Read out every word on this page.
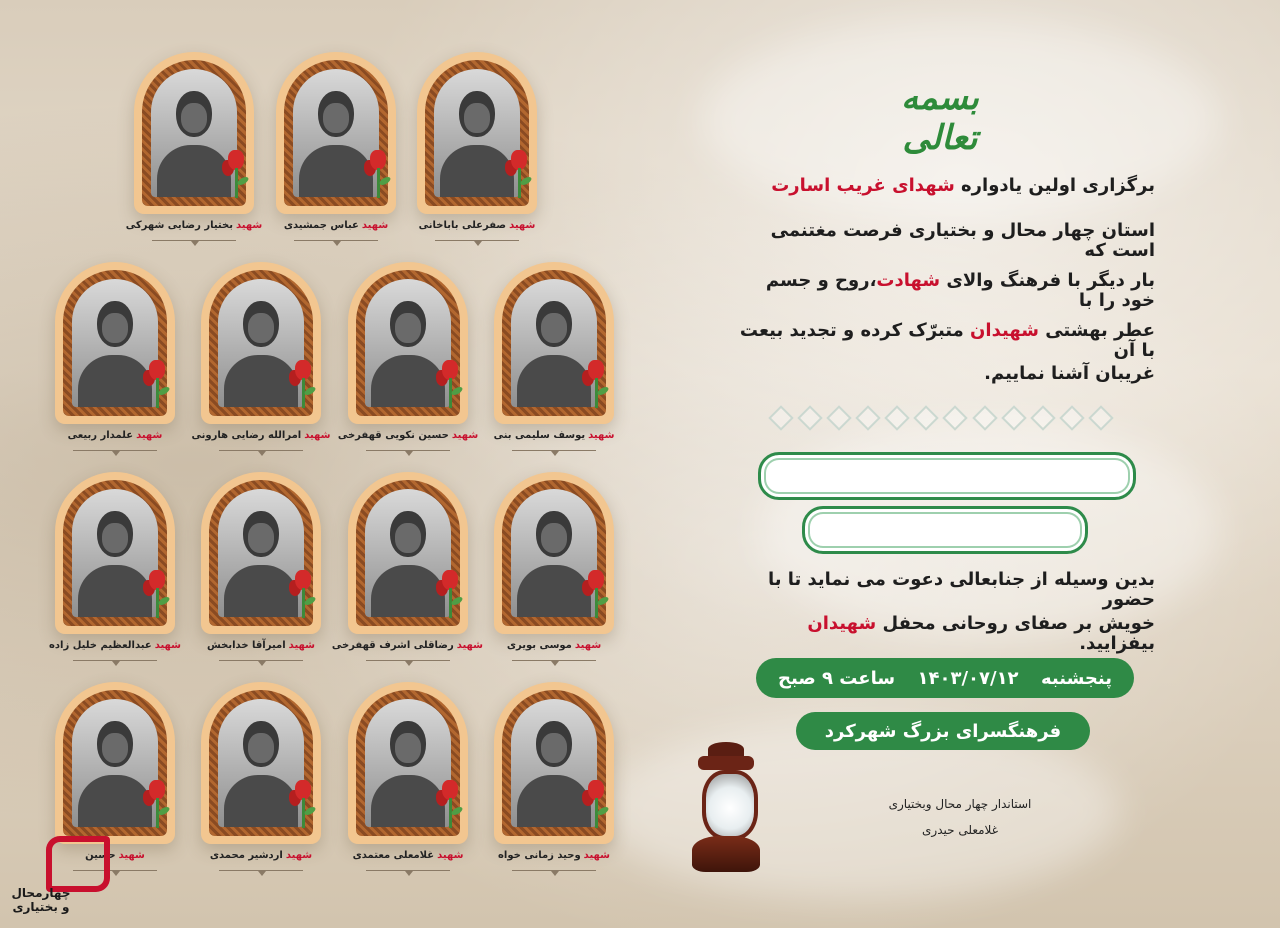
شهیدصفرعلی باباخانی
شهیدعباس جمشیدی
شهیدبختیار رضایی شهرکی
شهیدیوسف سلیمی بنی
شهیدحسین نکویی قهفرخی
شهیدامرالله رضایی هارونی
شهیدعلمدار ربیعی
شهیدموسی بویری
شهیدرضاقلی اشرف قهفرخی
شهیدامیرآقا خدابخش
شهیدعبدالعظیم خلیل زاده
شهیدوحید زمانی خواه
شهیدغلامعلی معتمدی
شهیداردشیر محمدی
شهیدحسین
بسمه تعالی
برگزاری اولین یادواره شهدای غریب اسارت
استان چهار محال و بختیاری فرصت مغتنمی است که
بار دیگر با فرهنگ والای شهادت،روح و جسم خود را با
عطر بهشتی شهیدان متبرّک کرده و تجدید بیعت با آن
غریبان آشنا نماییم.
بدین وسیله از جنابعالی دعوت می نماید تا با حضور
خویش بر صفای روحانی محفل شهیدان بیفزایید.
پنجشنبه
۱۴۰۳/۰۷/۱۲
ساعت ۹ صبح
فرهنگسرای بزرگ شهرکرد
استاندار چهار محال وبختیاری
غلامعلی حیدری
چهارمحال
و بختیاری
